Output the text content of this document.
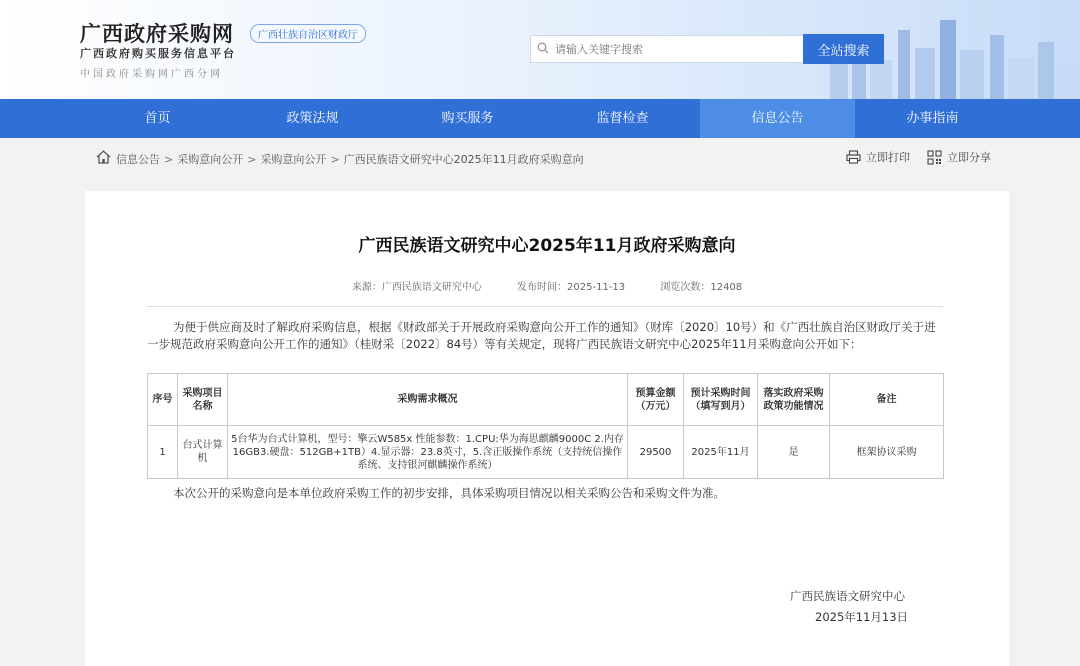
广西政府采购网	广西壮族自治区财政厅
广西政府购买服务信息平台
中国政府采购网广西分网
请输入关键字搜索
全站搜索
首页	政策法规	购买服务	监督检查	信息公告	办事指南
信息公告 > 采购意向公开 > 采购意向公开 > 广西民族语文研究中心2025年11月政府采购意向	立即打印	立即分享
广西民族语文研究中心2025年11月政府采购意向
来源：广西民族语文研究中心	发布时间：2025-11-13	浏览次数：12408

为便于供应商及时了解政府采购信息，根据《财政部关于开展政府采购意向公开工作的通知》（财库〔2020〕10号）和《广西壮族自治区财政厅关于进一步规范政府采购意向公开工作的通知》（桂财采〔2022〕84号）等有关规定，现将广西民族语文研究中心2025年11月采购意向公开如下：

序号	采购项目名称	采购需求概况	预算金额（万元）	预计采购时间（填写到月）	落实政府采购政策功能情况	备注
1	台式计算机	5台华为台式计算机，型号：擎云W585x 性能参数：1.CPU:华为海思麒麟9000C 2.内存16GB3.硬盘：512GB+1TB）4.显示器：23.8英寸，5.含正版操作系统（支持统信操作系统、支持银河麒麟操作系统）	29500	2025年11月	是	框架协议采购

本次公开的采购意向是本单位政府采购工作的初步安排，具体采购项目情况以相关采购公告和采购文件为准。

广西民族语文研究中心
2025年11月13日
